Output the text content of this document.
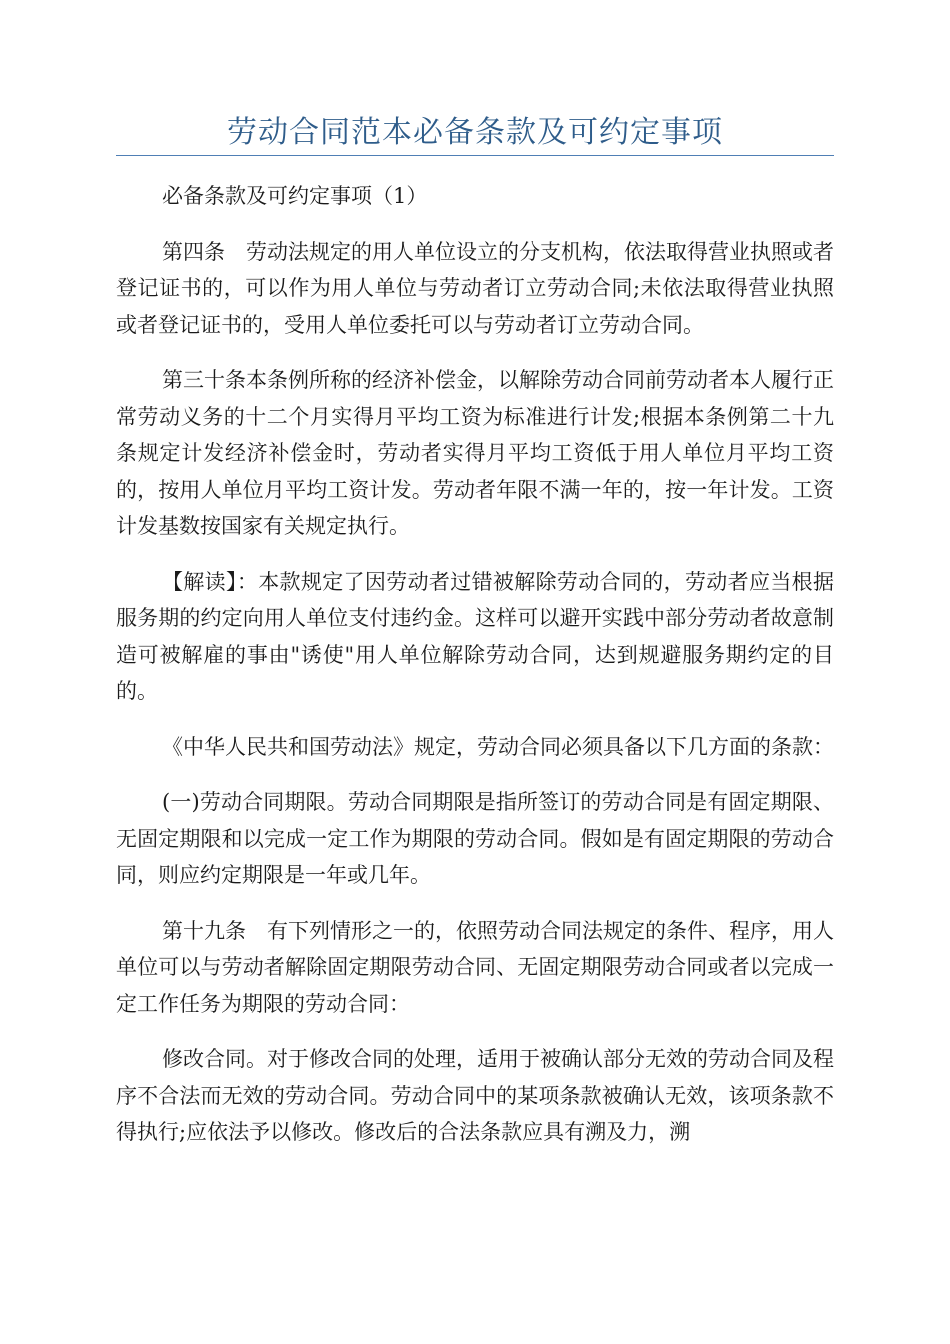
劳动合同范本必备条款及可约定事项

必备条款及可约定事项（1）

第四条　劳动法规定的用人单位设立的分支机构，依法取得营业执照或者登记证书的，可以作为用人单位与劳动者订立劳动合同;未依法取得营业执照或者登记证书的，受用人单位委托可以与劳动者订立劳动合同。

第三十条本条例所称的经济补偿金，以解除劳动合同前劳动者本人履行正常劳动义务的十二个月实得月平均工资为标准进行计发;根据本条例第二十九条规定计发经济补偿金时，劳动者实得月平均工资低于用人单位月平均工资的，按用人单位月平均工资计发。劳动者年限不满一年的，按一年计发。工资计发基数按国家有关规定执行。

【解读】：本款规定了因劳动者过错被解除劳动合同的，劳动者应当根据服务期的约定向用人单位支付违约金。这样可以避开实践中部分劳动者故意制造可被解雇的事由"诱使"用人单位解除劳动合同，达到规避服务期约定的目的。

《中华人民共和国劳动法》规定，劳动合同必须具备以下几方面的条款：

(一)劳动合同期限。劳动合同期限是指所签订的劳动合同是有固定期限、无固定期限和以完成一定工作为期限的劳动合同。假如是有固定期限的劳动合同，则应约定期限是一年或几年。

第十九条　有下列情形之一的，依照劳动合同法规定的条件、程序，用人单位可以与劳动者解除固定期限劳动合同、无固定期限劳动合同或者以完成一定工作任务为期限的劳动合同：

修改合同。对于修改合同的处理，适用于被确认部分无效的劳动合同及程序不合法而无效的劳动合同。劳动合同中的某项条款被确认无效，该项条款不得执行;应依法予以修改。修改后的合法条款应具有溯及力，溯
